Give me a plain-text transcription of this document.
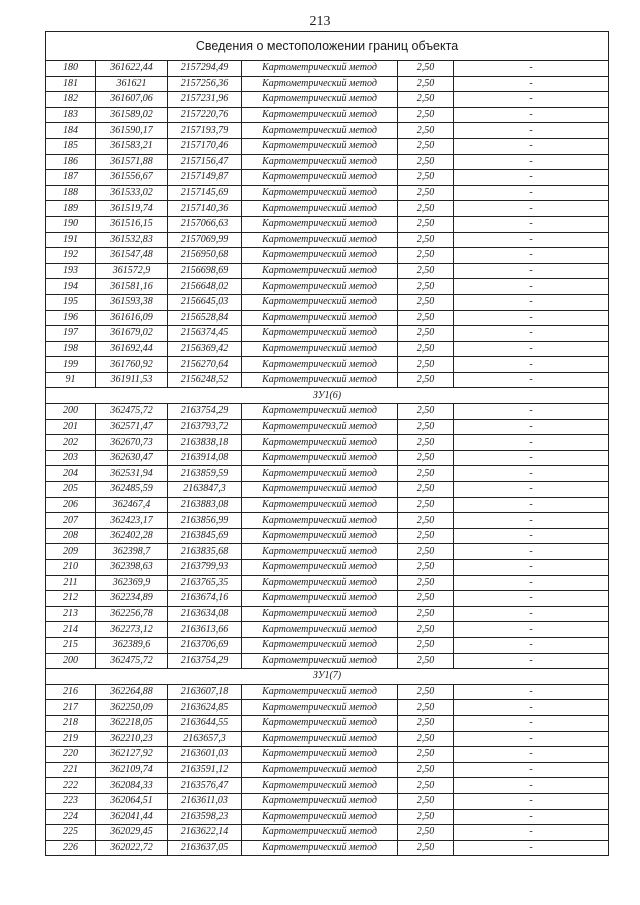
213
Сведения о местоположении границ объекта					
180	361622,44	2157294,49	Картометрический метод	2,50	-
181	361621	2157256,36	Картометрический метод	2,50	-
182	361607,06	2157231,96	Картометрический метод	2,50	-
183	361589,02	2157220,76	Картометрический метод	2,50	-
184	361590,17	2157193,79	Картометрический метод	2,50	-
185	361583,21	2157170,46	Картометрический метод	2,50	-
186	361571,88	2157156,47	Картометрический метод	2,50	-
187	361556,67	2157149,87	Картометрический метод	2,50	-
188	361533,02	2157145,69	Картометрический метод	2,50	-
189	361519,74	2157140,36	Картометрический метод	2,50	-
190	361516,15	2157066,63	Картометрический метод	2,50	-
191	361532,83	2157069,99	Картометрический метод	2,50	-
192	361547,48	2156950,68	Картометрический метод	2,50	-
193	361572,9	2156698,69	Картометрический метод	2,50	-
194	361581,16	2156648,02	Картометрический метод	2,50	-
195	361593,38	2156645,03	Картометрический метод	2,50	-
196	361616,09	2156528,84	Картометрический метод	2,50	-
197	361679,02	2156374,45	Картометрический метод	2,50	-
198	361692,44	2156369,42	Картометрический метод	2,50	-
199	361760,92	2156270,64	Картометрический метод	2,50	-
91	361911,53	2156248,52	Картометрический метод	2,50	-
ЗУ1(6)					
200	362475,72	2163754,29	Картометрический метод	2,50	-
201	362571,47	2163793,72	Картометрический метод	2,50	-
202	362670,73	2163838,18	Картометрический метод	2,50	-
203	362630,47	2163914,08	Картометрический метод	2,50	-
204	362531,94	2163859,59	Картометрический метод	2,50	-
205	362485,59	2163847,3	Картометрический метод	2,50	-
206	362467,4	2163883,08	Картометрический метод	2,50	-
207	362423,17	2163856,99	Картометрический метод	2,50	-
208	362402,28	2163845,69	Картометрический метод	2,50	-
209	362398,7	2163835,68	Картометрический метод	2,50	-
210	362398,63	2163799,93	Картометрический метод	2,50	-
211	362369,9	2163765,35	Картометрический метод	2,50	-
212	362234,89	2163674,16	Картометрический метод	2,50	-
213	362256,78	2163634,08	Картометрический метод	2,50	-
214	362273,12	2163613,66	Картометрический метод	2,50	-
215	362389,6	2163706,69	Картометрический метод	2,50	-
200	362475,72	2163754,29	Картометрический метод	2,50	-
ЗУ1(7)					
216	362264,88	2163607,18	Картометрический метод	2,50	-
217	362250,09	2163624,85	Картометрический метод	2,50	-
218	362218,05	2163644,55	Картометрический метод	2,50	-
219	362210,23	2163657,3	Картометрический метод	2,50	-
220	362127,92	2163601,03	Картометрический метод	2,50	-
221	362109,74	2163591,12	Картометрический метод	2,50	-
222	362084,33	2163576,47	Картометрический метод	2,50	-
223	362064,51	2163611,03	Картометрический метод	2,50	-
224	362041,44	2163598,23	Картометрический метод	2,50	-
225	362029,45	2163622,14	Картометрический метод	2,50	-
226	362022,72	2163637,05	Картометрический метод	2,50	-
